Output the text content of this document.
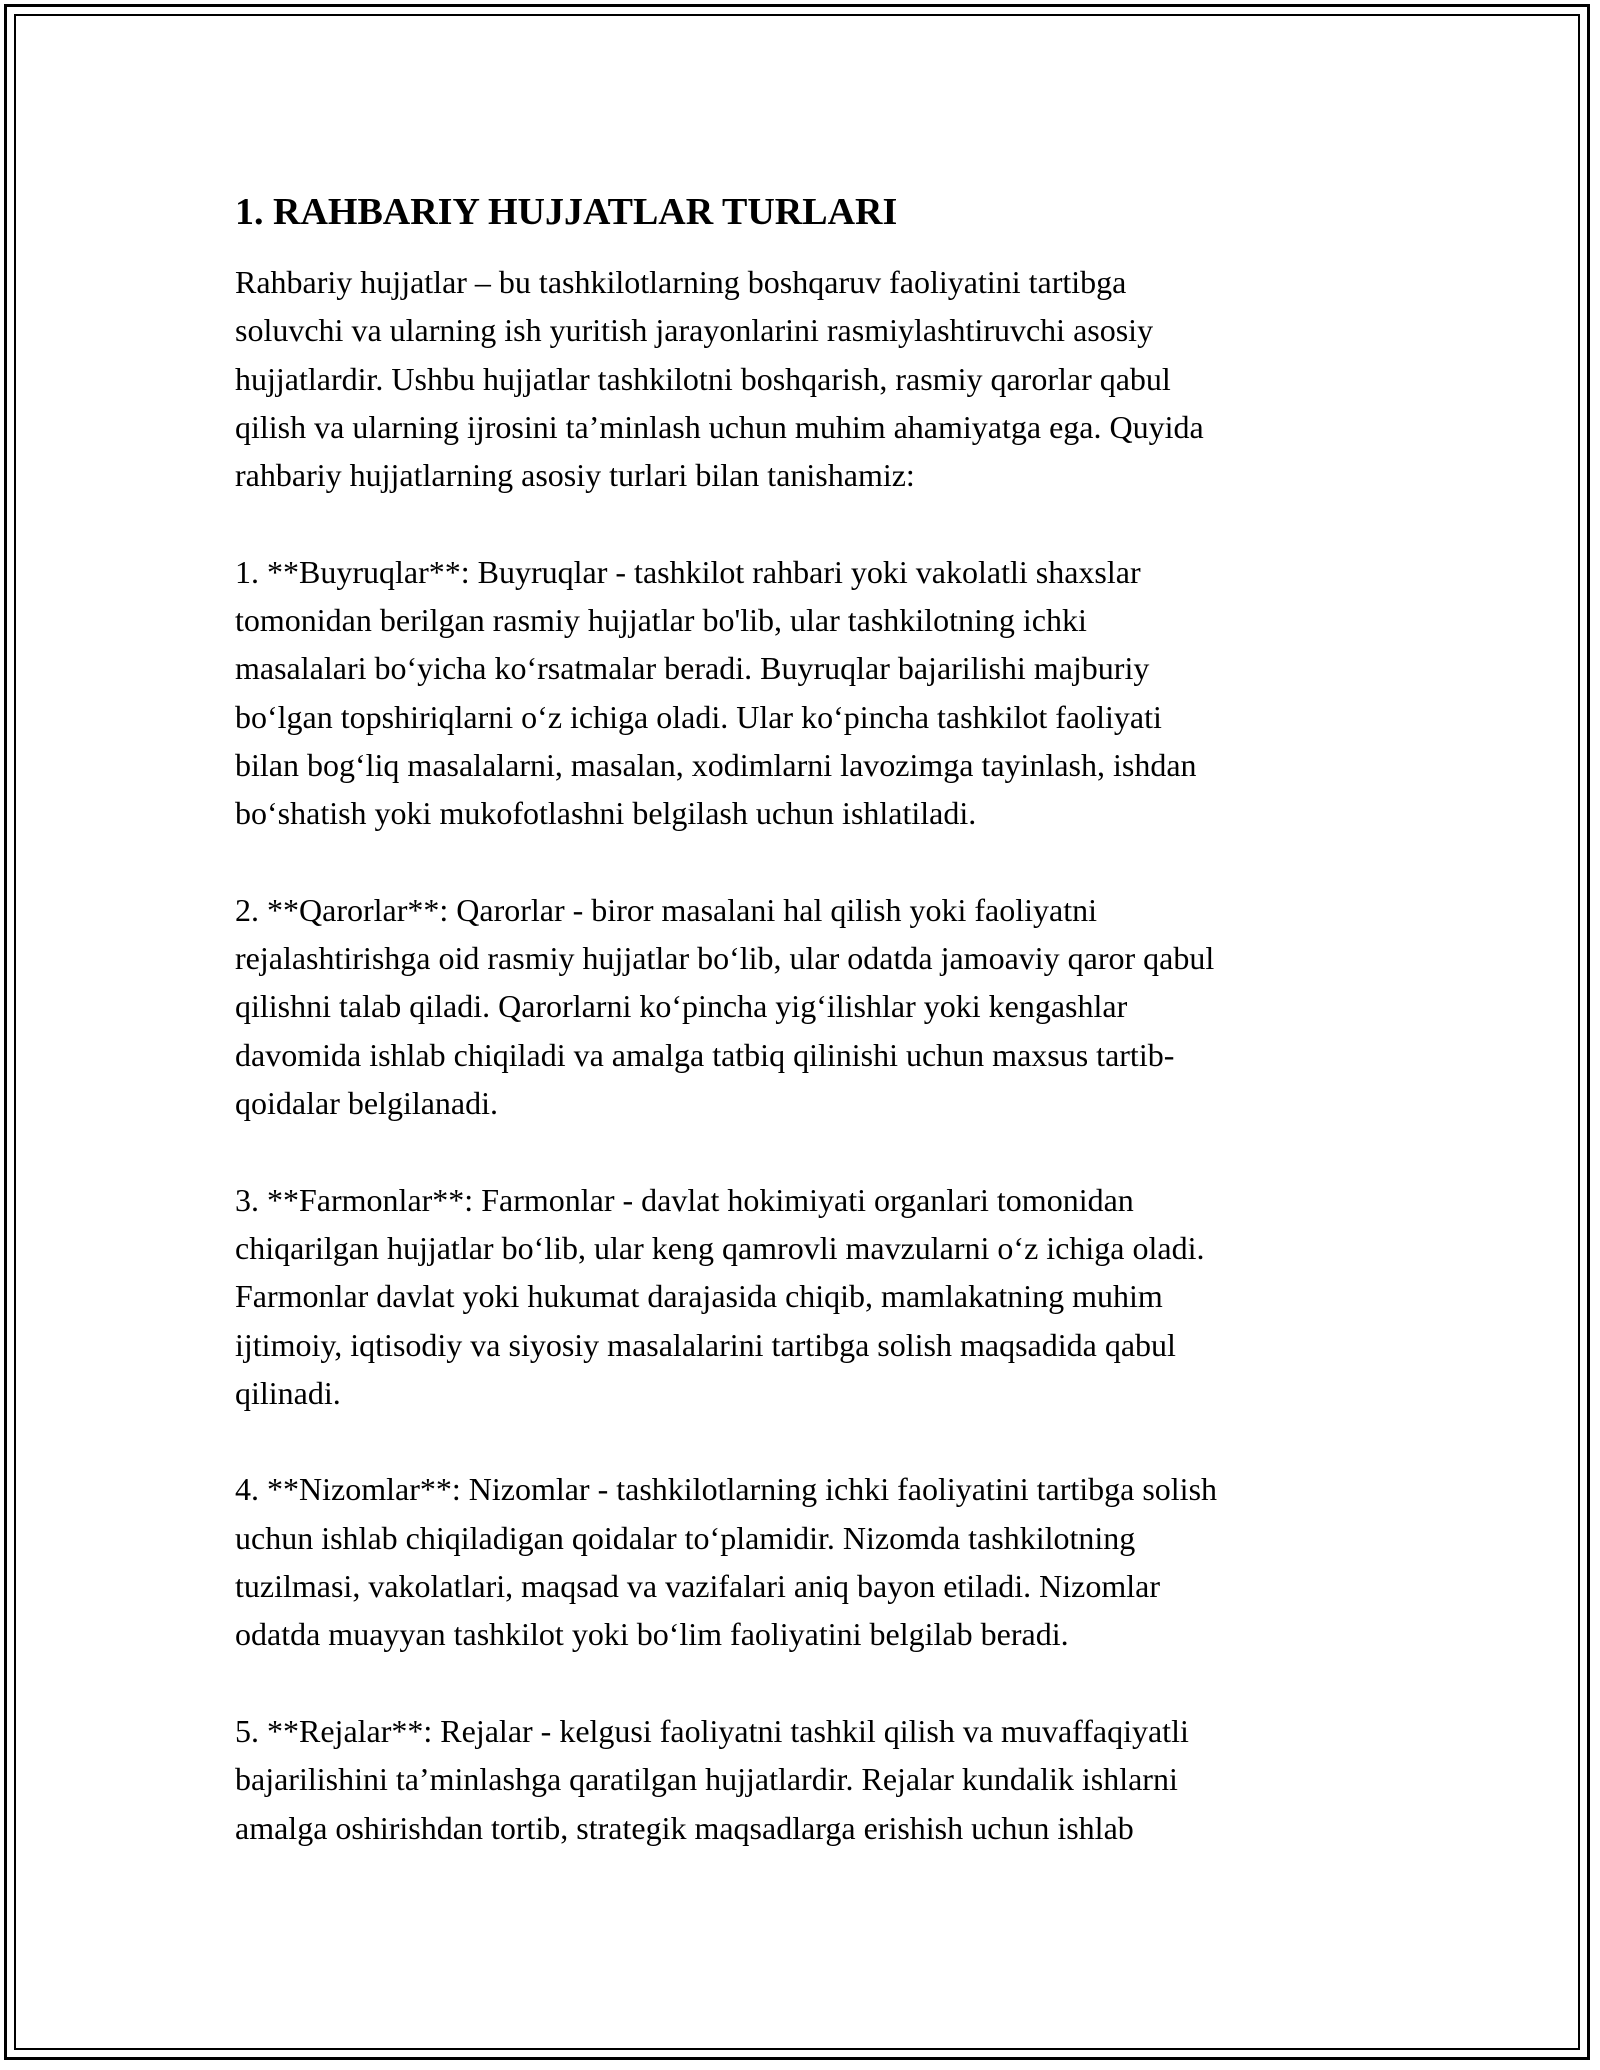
1. RAHBARIY HUJJATLAR TURLARI

Rahbariy hujjatlar – bu tashkilotlarning boshqaruv faoliyatini tartibga
soluvchi va ularning ish yuritish jarayonlarini rasmiylashtiruvchi asosiy
hujjatlardir. Ushbu hujjatlar tashkilotni boshqarish, rasmiy qarorlar qabul
qilish va ularning ijrosini ta’minlash uchun muhim ahamiyatga ega. Quyida
rahbariy hujjatlarning asosiy turlari bilan tanishamiz:

1. **Buyruqlar**: Buyruqlar - tashkilot rahbari yoki vakolatli shaxslar
tomonidan berilgan rasmiy hujjatlar bo'lib, ular tashkilotning ichki
masalalari bo‘yicha ko‘rsatmalar beradi. Buyruqlar bajarilishi majburiy
bo‘lgan topshiriqlarni o‘z ichiga oladi. Ular ko‘pincha tashkilot faoliyati
bilan bog‘liq masalalarni, masalan, xodimlarni lavozimga tayinlash, ishdan
bo‘shatish yoki mukofotlashni belgilash uchun ishlatiladi.

2. **Qarorlar**: Qarorlar - biror masalani hal qilish yoki faoliyatni
rejalashtirishga oid rasmiy hujjatlar bo‘lib, ular odatda jamoaviy qaror qabul
qilishni talab qiladi. Qarorlarni ko‘pincha yig‘ilishlar yoki kengashlar
davomida ishlab chiqiladi va amalga tatbiq qilinishi uchun maxsus tartib-
qoidalar belgilanadi.

3. **Farmonlar**: Farmonlar - davlat hokimiyati organlari tomonidan
chiqarilgan hujjatlar bo‘lib, ular keng qamrovli mavzularni o‘z ichiga oladi.
Farmonlar davlat yoki hukumat darajasida chiqib, mamlakatning muhim
ijtimoiy, iqtisodiy va siyosiy masalalarini tartibga solish maqsadida qabul
qilinadi.

4. **Nizomlar**: Nizomlar - tashkilotlarning ichki faoliyatini tartibga solish
uchun ishlab chiqiladigan qoidalar to‘plamidir. Nizomda tashkilotning
tuzilmasi, vakolatlari, maqsad va vazifalari aniq bayon etiladi. Nizomlar
odatda muayyan tashkilot yoki bo‘lim faoliyatini belgilab beradi.

5. **Rejalar**: Rejalar - kelgusi faoliyatni tashkil qilish va muvaffaqiyatli
bajarilishini ta’minlashga qaratilgan hujjatlardir. Rejalar kundalik ishlarni
amalga oshirishdan tortib, strategik maqsadlarga erishish uchun ishlab
